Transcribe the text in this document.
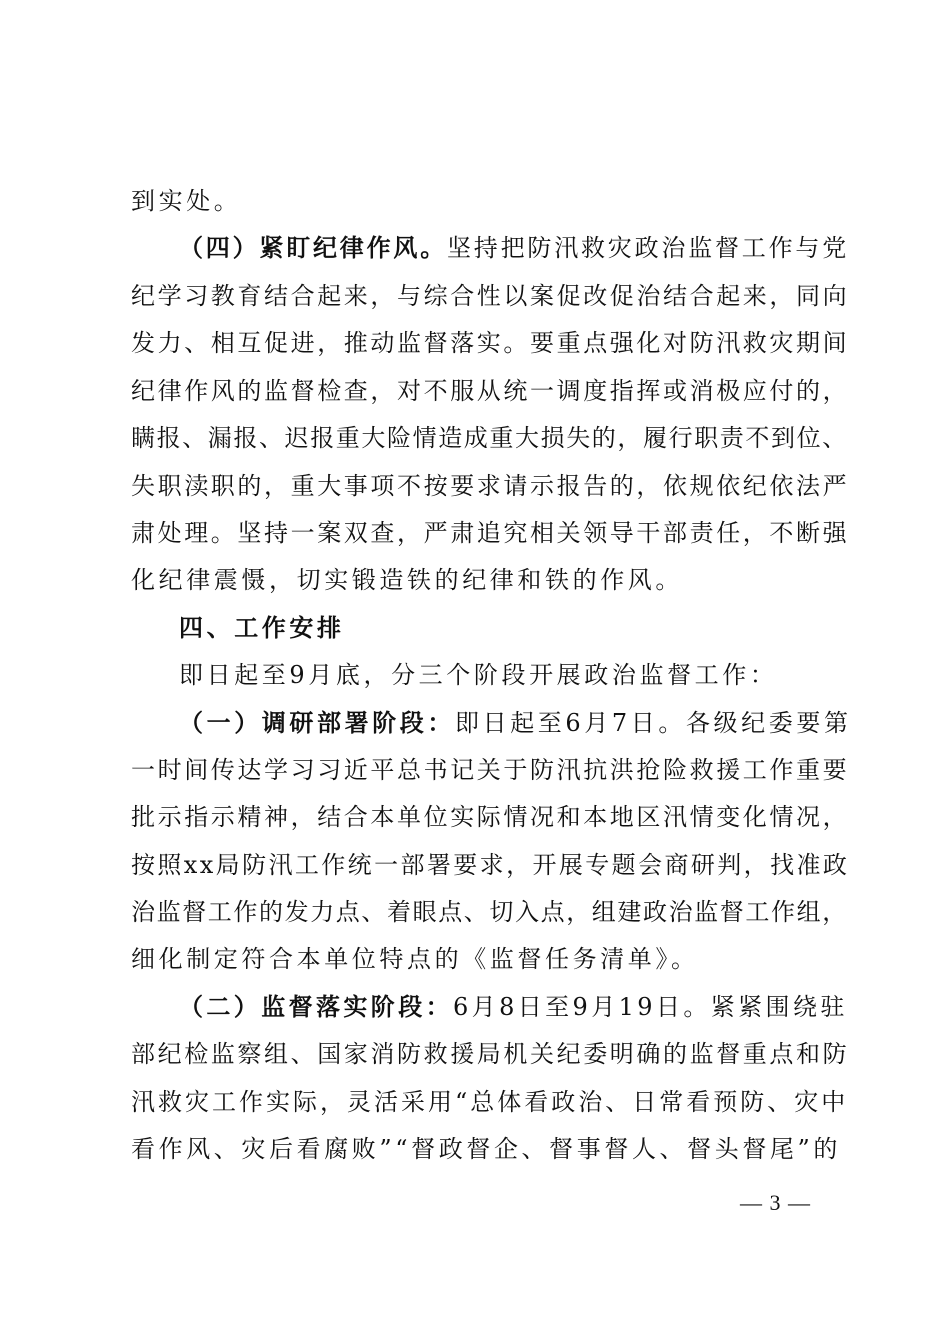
到实处。
（四）紧盯纪律作风。坚持把防汛救灾政治监督工作与党
纪学习教育结合起来，与综合性以案促改促治结合起来，同向
发力、相互促进，推动监督落实。要重点强化对防汛救灾期间
纪律作风的监督检查，对不服从统一调度指挥或消极应付的，
瞒报、漏报、迟报重大险情造成重大损失的，履行职责不到位、
失职渎职的，重大事项不按要求请示报告的，依规依纪依法严
肃处理。坚持一案双查，严肃追究相关领导干部责任，不断强
化纪律震慑，切实锻造铁的纪律和铁的作风。
四、工作安排
即日起至9月底，分三个阶段开展政治监督工作：
（一）调研部署阶段：即日起至6月7日。各级纪委要第
一时间传达学习习近平总书记关于防汛抗洪抢险救援工作重要
批示指示精神，结合本单位实际情况和本地区汛情变化情况，
按照xx局防汛工作统一部署要求，开展专题会商研判，找准政
治监督工作的发力点、着眼点、切入点，组建政治监督工作组，
细化制定符合本单位特点的《监督任务清单》。
（二）监督落实阶段：6月8日至9月19日。紧紧围绕驻
部纪检监察组、国家消防救援局机关纪委明确的监督重点和防
汛救灾工作实际，灵活采用“总体看政治、日常看预防、灾中
看作风、灾后看腐败”“督政督企、督事督人、督头督尾”的
— 3 —
